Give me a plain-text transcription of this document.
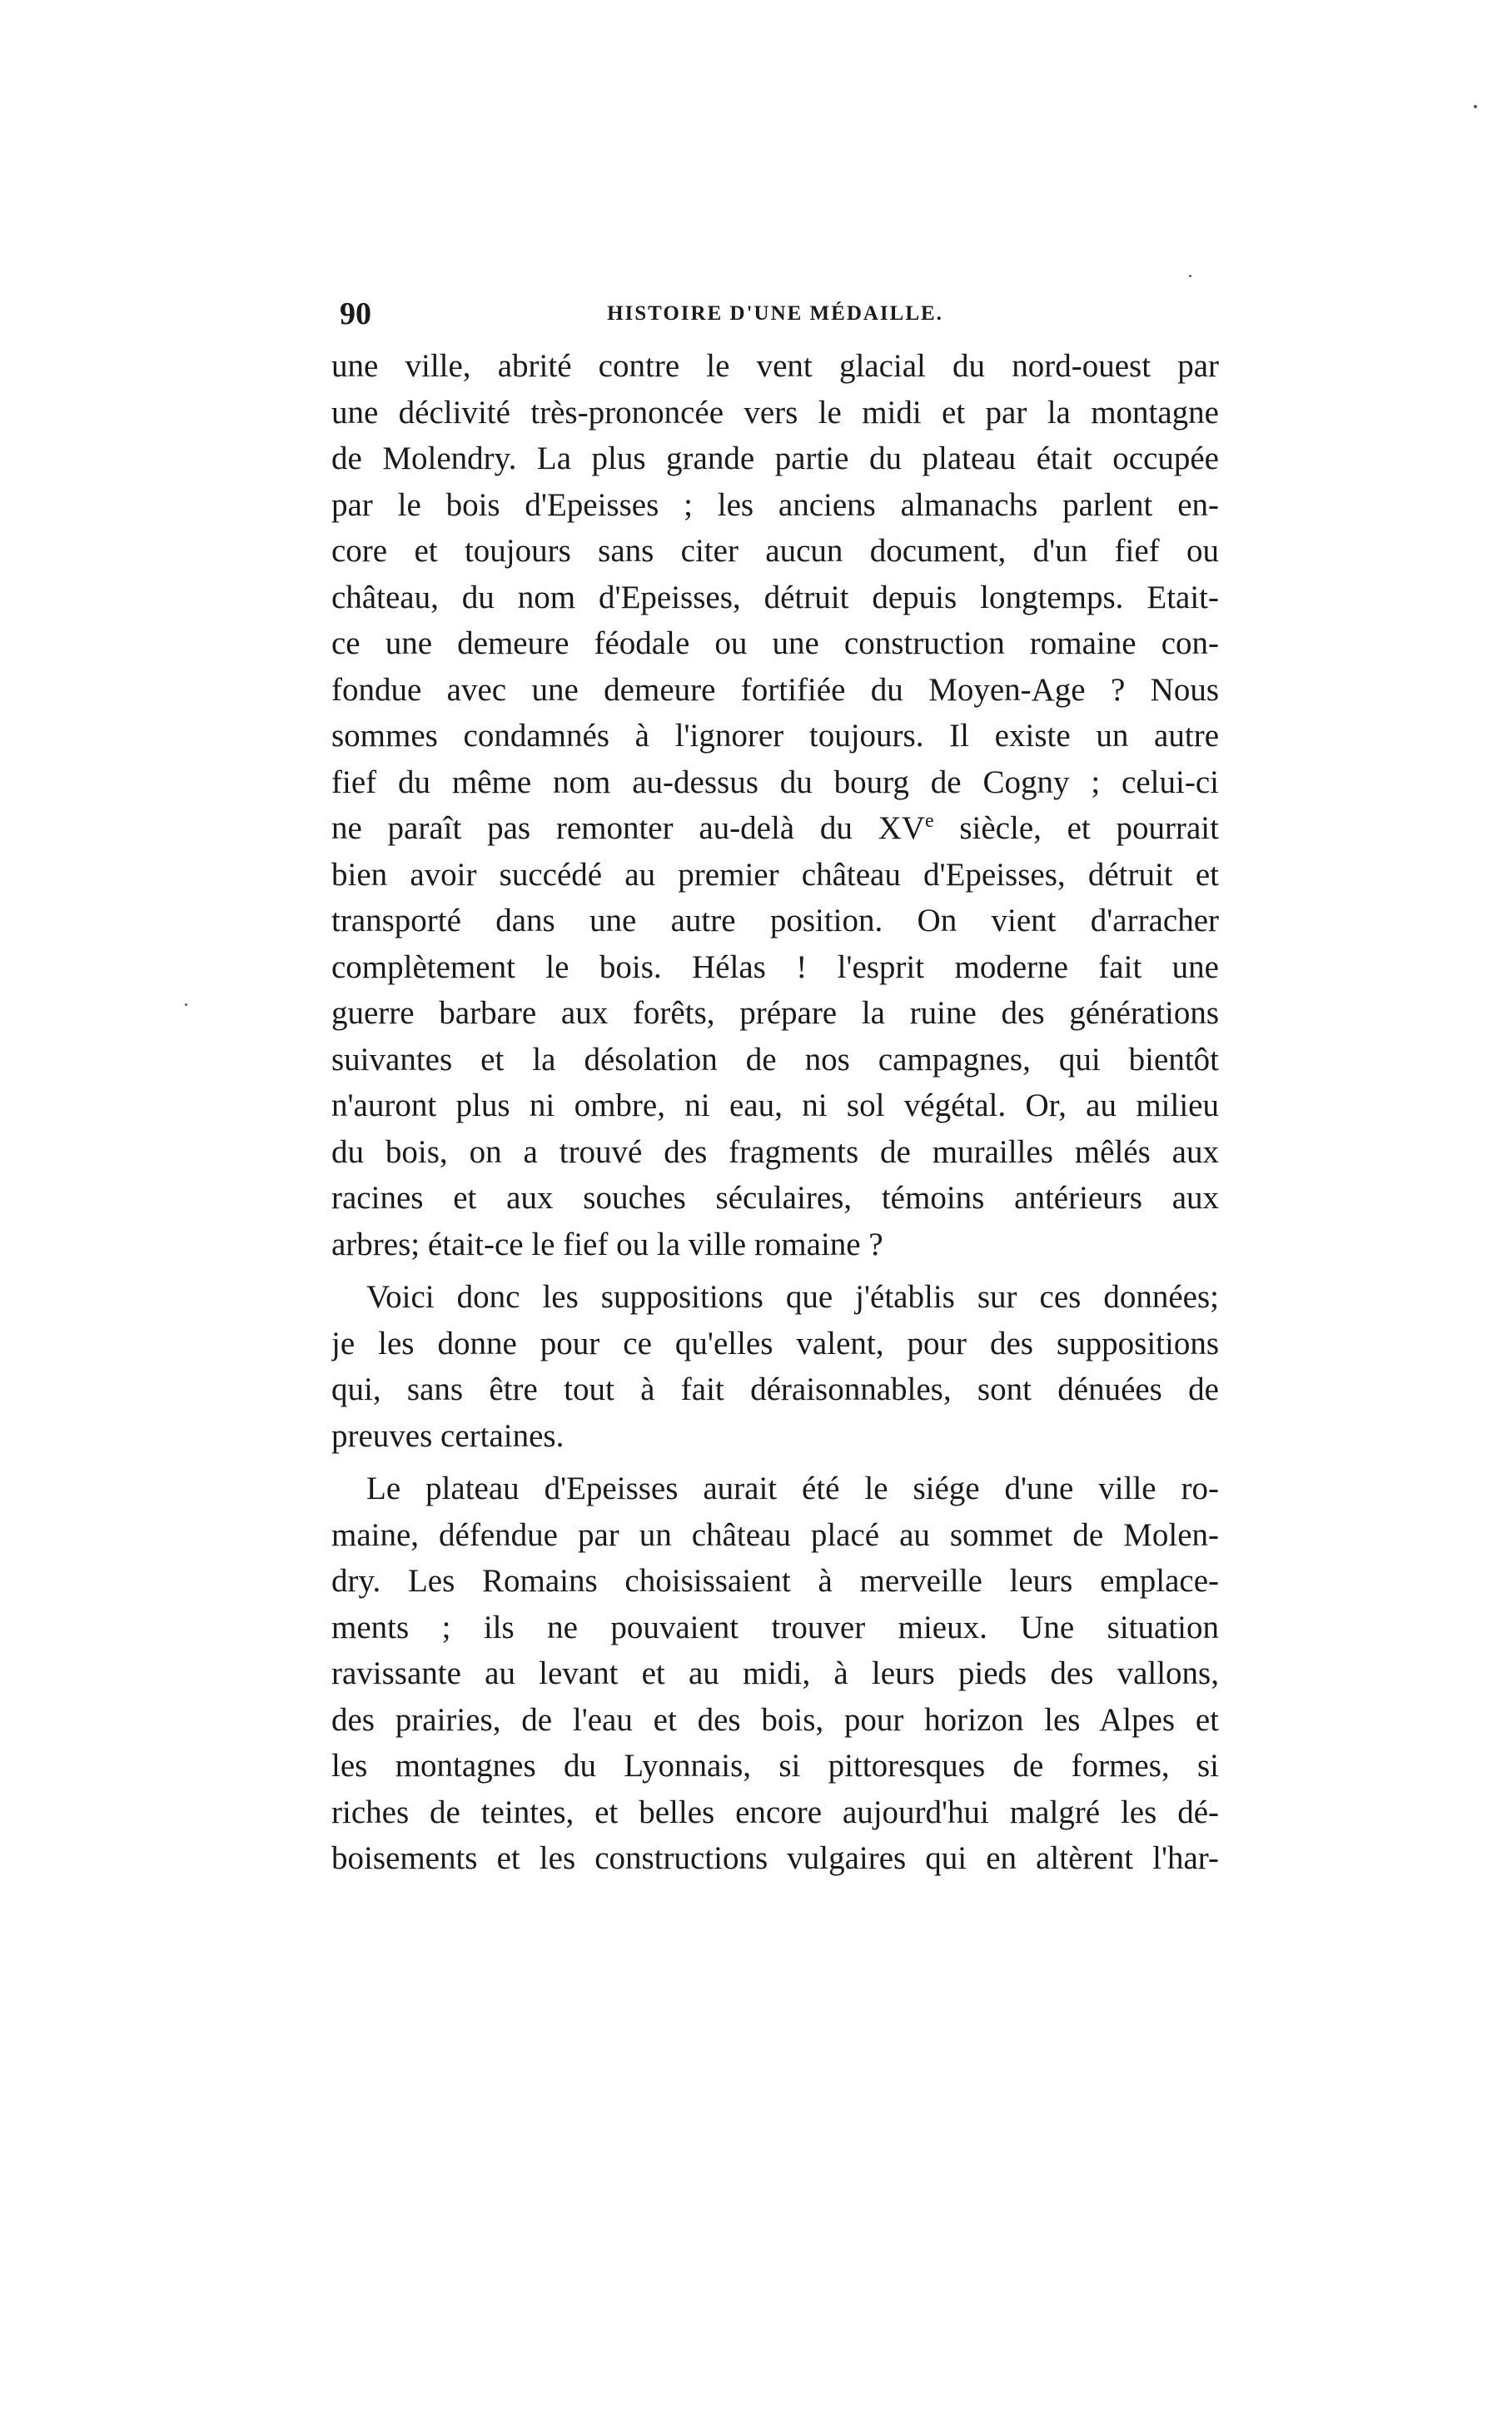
90	HISTOIRE D'UNE MÉDAILLE.
une ville, abrité contre le vent glacial du nord-ouest par
une déclivité très-prononcée vers le midi et par la montagne
de Molendry. La plus grande partie du plateau était occupée
par le bois d'Epeisses ; les anciens almanachs parlent en-
core et toujours sans citer aucun document, d'un fief ou
château, du nom d'Epeisses, détruit depuis longtemps. Etait-
ce une demeure féodale ou une construction romaine con-
fondue avec une demeure fortifiée du Moyen-Age ? Nous
sommes condamnés à l'ignorer toujours. Il existe un autre
fief du même nom au-dessus du bourg de Cogny ; celui-ci
ne paraît pas remonter au-delà du XVe siècle, et pourrait
bien avoir succédé au premier château d'Epeisses, détruit et
transporté dans une autre position. On vient d'arracher
complètement le bois. Hélas ! l'esprit moderne fait une
guerre barbare aux forêts, prépare la ruine des générations
suivantes et la désolation de nos campagnes, qui bientôt
n'auront plus ni ombre, ni eau, ni sol végétal. Or, au milieu
du bois, on a trouvé des fragments de murailles mêlés aux
racines et aux souches séculaires, témoins antérieurs aux
arbres; était-ce le fief ou la ville romaine ?
Voici donc les suppositions que j'établis sur ces données;
je les donne pour ce qu'elles valent, pour des suppositions
qui, sans être tout à fait déraisonnables, sont dénuées de
preuves certaines.
Le plateau d'Epeisses aurait été le siége d'une ville ro-
maine, défendue par un château placé au sommet de Molen-
dry. Les Romains choisissaient à merveille leurs emplace-
ments ; ils ne pouvaient trouver mieux. Une situation
ravissante au levant et au midi, à leurs pieds des vallons,
des prairies, de l'eau et des bois, pour horizon les Alpes et
les montagnes du Lyonnais, si pittoresques de formes, si
riches de teintes, et belles encore aujourd'hui malgré les dé-
boisements et les constructions vulgaires qui en altèrent l'har-
